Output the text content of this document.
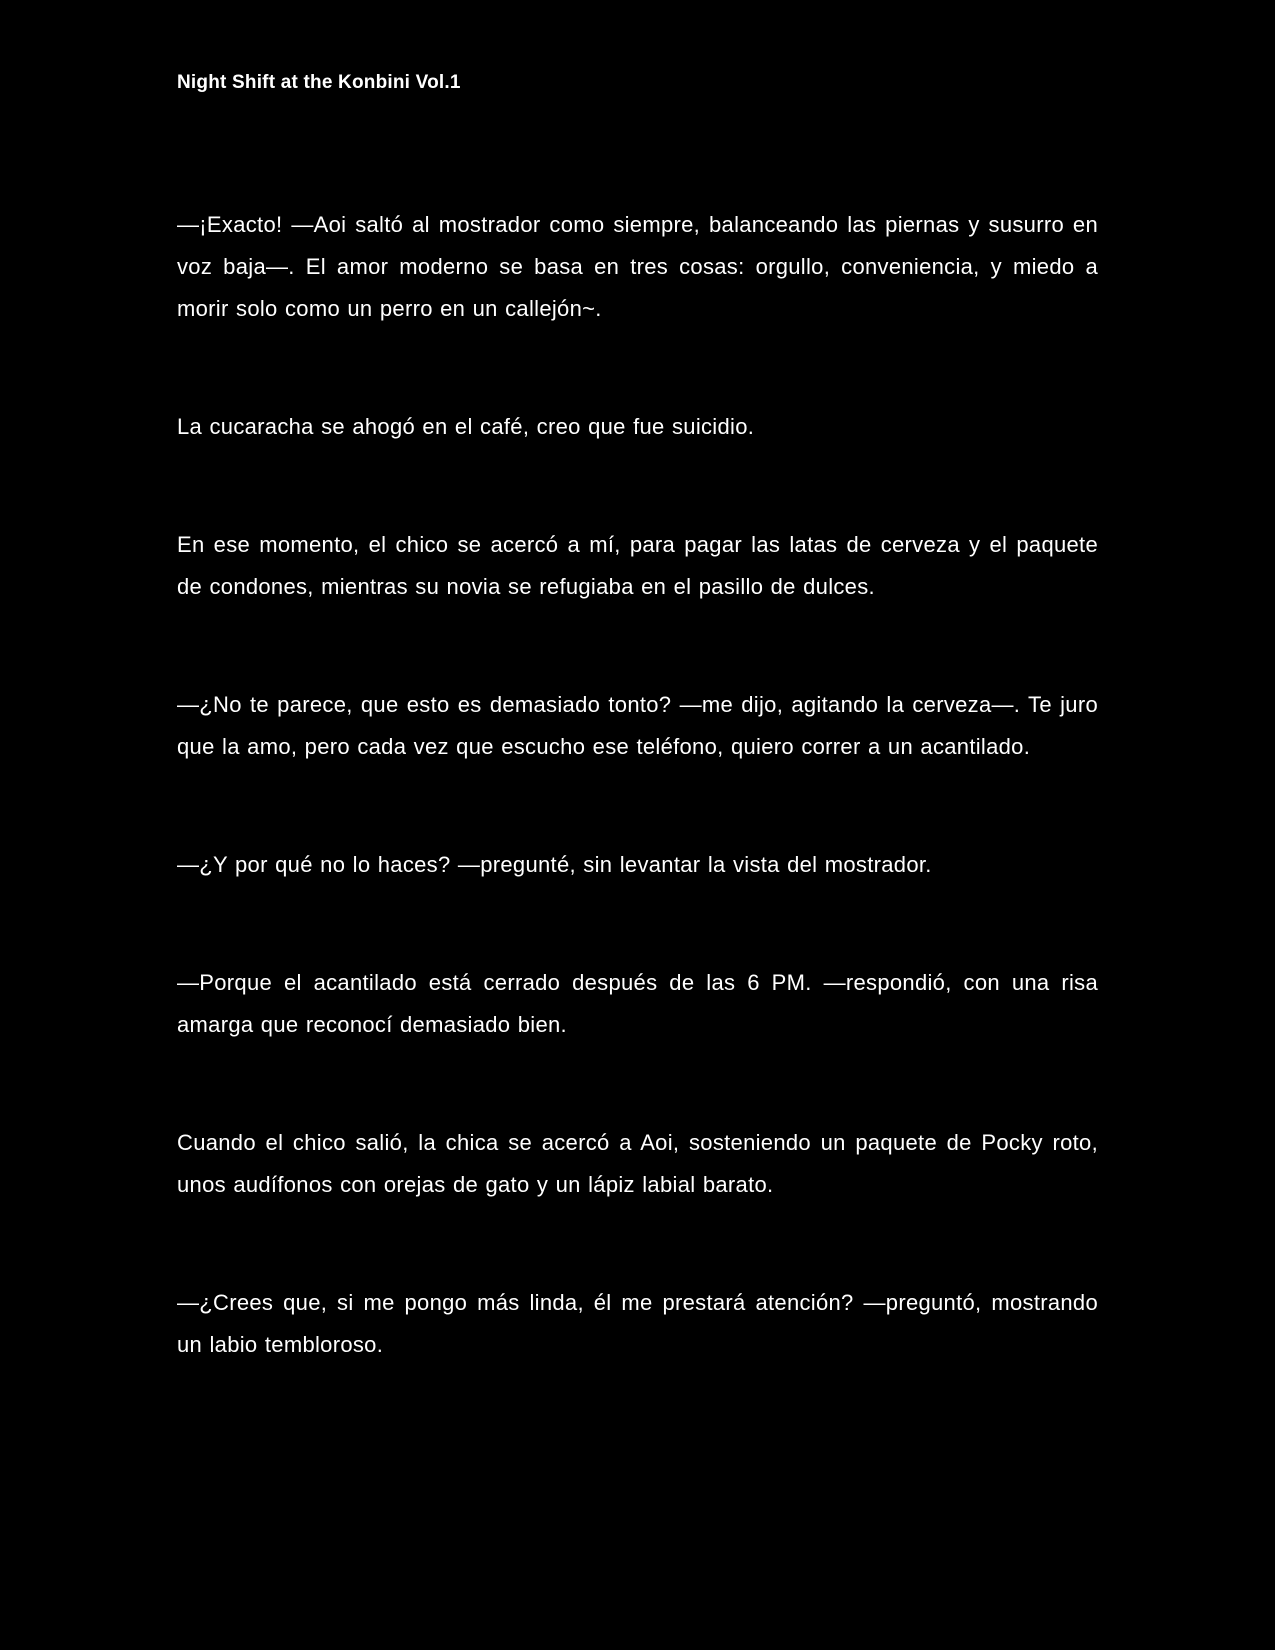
Night Shift at the Konbini Vol.1

—¡Exacto! —Aoi saltó al mostrador como siempre, balanceando las piernas y susurro en voz baja—. El amor moderno se basa en tres cosas: orgullo, conveniencia, y miedo a morir solo como un perro en un callejón~.

La cucaracha se ahogó en el café, creo que fue suicidio.

En ese momento, el chico se acercó a mí, para pagar las latas de cerveza y el paquete de condones, mientras su novia se refugiaba en el pasillo de dulces.

—¿No te parece, que esto es demasiado tonto? —me dijo, agitando la cerveza—. Te juro que la amo, pero cada vez que escucho ese teléfono, quiero correr a un acantilado.

—¿Y por qué no lo haces? —pregunté, sin levantar la vista del mostrador.

—Porque el acantilado está cerrado después de las 6 PM. —respondió, con una risa amarga que reconocí demasiado bien.

Cuando el chico salió, la chica se acercó a Aoi, sosteniendo un paquete de Pocky roto, unos audífonos con orejas de gato y un lápiz labial barato.

—¿Crees que, si me pongo más linda, él me prestará atención? —preguntó, mostrando un labio tembloroso.
